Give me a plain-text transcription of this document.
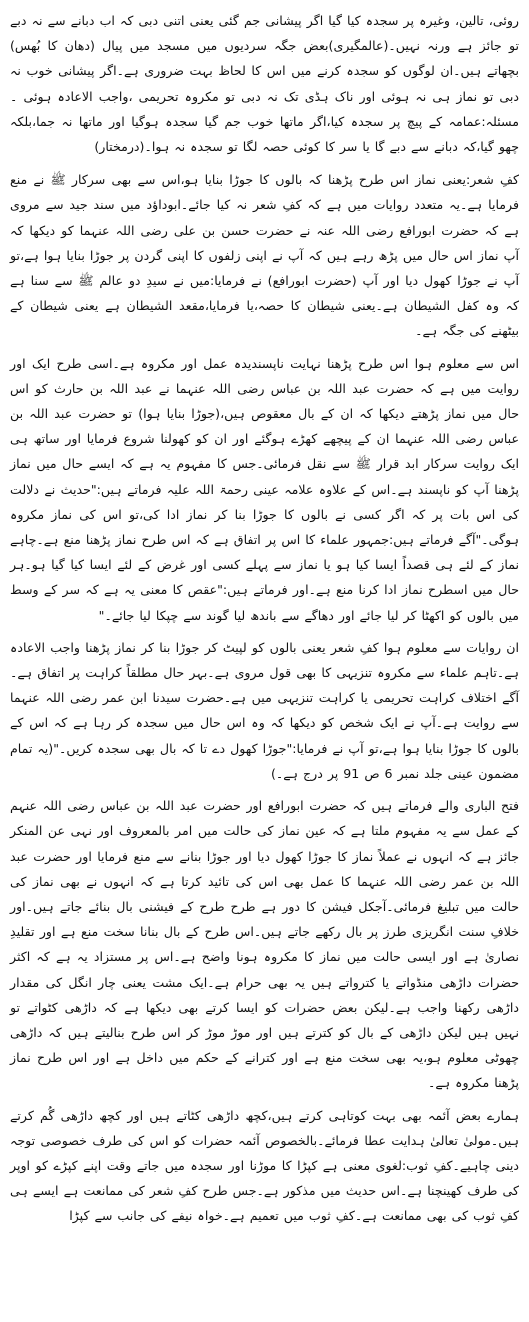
روئی، تالین، وغیرہ پر سجدہ کیا گیا اگر پیشانی جم گئی یعنی اتنی دبی کہ اب دبانے سے نہ دبے تو جائز ہے ورنہ نہیں۔(عالمگیری)بعض جگہ سردیوں میں مسجد میں پیال (دھان کا بُھس) بچھاتے ہیں۔ان لوگوں کو سجدہ کرنے میں اس کا لحاظ بہت ضروری ہے۔اگر پیشانی خوب نہ دبی تو نماز ہی نہ ہوئی اور ناک ہڈی تک نہ دبی تو مکروہ تحریمی ،واجب الاعادہ ہوئی ۔مسئلہ:عمامہ کے پیچ پر سجدہ کیا،اگر ماتھا خوب جم گیا سجدہ ہوگیا اور ماتھا نہ جما،بلکہ چھو گیا،کہ دبانے سے دبے گا یا سر کا کوئی حصہ لگا تو سجدہ نہ ہوا۔(درمختار)

کفِ شعر:یعنی نماز اس طرح پڑھنا کہ بالوں کا جوڑا بنایا ہو،اس سے بھی سرکار ﷺ نے منع فرمایا ہے۔یہ متعدد روایات میں ہے کہ کفِ شعر نہ کیا جائے۔ابوداؤد میں سند جید سے مروی ہے کہ حضرت ابورافع رضی اللہ عنہ نے حضرت حسن بن علی رضی اللہ عنہما کو دیکھا کہ آپ نماز اس حال میں پڑھ رہے ہیں کہ آپ نے اپنی زلفوں کا اپنی گردن پر جوڑا بنایا ہوا ہے،تو آپ نے جوڑا کھول دیا اور آپ (حضرت ابورافع) نے فرمایا:میں نے سیدِ دو عالم ﷺ سے سنا ہے کہ وہ کفل الشیطان ہے۔یعنی شیطان کا حصہ،یا فرمایا،مقعد الشیطان ہے یعنی شیطان کے بیٹھنے کی جگہ ہے۔

اس سے معلوم ہوا اس طرح پڑھنا نہایت ناپسندیدہ عمل اور مکروہ ہے۔اسی طرح ایک اور روایت میں ہے کہ حضرت عبد اللہ بن عباس رضی اللہ عنہما نے عبد اللہ بن حارث کو اس حال میں نماز پڑھتے دیکھا کہ ان کے بال معقوص ہیں،(جوڑا بنایا ہوا) تو حضرت عبد اللہ بن عباس رضی اللہ عنہما ان کے پیچھے کھڑے ہوگئے اور ان کو کھولنا شروع فرمایا اور ساتھ ہی ایک روایت سرکار ابد قرار ﷺ سے نقل فرمائی۔جس کا مفہوم یہ ہے کہ ایسے حال میں نماز پڑھنا آپ کو ناپسند ہے۔اس کے علاوہ علامہ عینی رحمۃ اللہ علیہ فرماتے ہیں:"حدیث نے دلالت کی اس بات پر کہ اگر کسی نے بالوں کا جوڑا بنا کر نماز ادا کی،تو اس کی نماز مکروہ ہوگی۔"آگے فرماتے ہیں:جمہور علماء کا اس پر اتفاق ہے کہ اس طرح نماز پڑھنا منع ہے۔چاہے نماز کے لئے ہی قصداً ایسا کیا ہو یا نماز سے پہلے کسی اور غرض کے لئے ایسا کیا گیا ہو۔ہر حال میں اسطرح نماز ادا کرنا منع ہے۔اور فرماتے ہیں:"عقص کا معنی یہ ہے کہ سر کے وسط میں بالوں کو اکھٹا کر لیا جائے اور دھاگے سے باندھ لیا گوند سے چپکا لیا جائے۔"

ان روایات سے معلوم ہوا کفِ شعر یعنی بالوں کو لپیٹ کر جوڑا بنا کر نماز پڑھنا واجب الاعادہ ہے۔تاہم علماء سے مکروہ تنزیہی کا بھی قول مروی ہے۔بہر حال مطلقاً کراہت پر اتفاق ہے۔آگے اختلاف کراہت تحریمی یا کراہت تنزیہی میں ہے۔حضرت سیدنا ابن عمر رضی اللہ عنہما سے روایت ہے۔آپ نے ایک شخص کو دیکھا کہ وہ اس حال میں سجدہ کر رہا ہے کہ اس کے بالوں کا جوڑا بنایا ہوا ہے،تو آپ نے فرمایا:"جوڑا کھول دے تا کہ بال بھی سجدہ کریں۔"(یہ تمام مضمون عینی جلد نمبر 6 ص 91 پر درج ہے۔)

فتح الباری والے فرماتے ہیں کہ حضرت ابورافع اور حضرت عبد اللہ بن عباس رضی اللہ عنہم کے عمل سے یہ مفہوم ملتا ہے کہ عین نماز کی حالت میں امر بالمعروف اور نہی عن المنکر جائز ہے کہ انہوں نے عملاً نماز کا جوڑا کھول دیا اور جوڑا بنانے سے منع فرمایا اور حضرت عبد اللہ بن عمر رضی اللہ عنہما کا عمل بھی اس کی تائید کرتا ہے کہ انہوں نے بھی نماز کی حالت میں تبلیغ فرمائی۔آجکل فیشن کا دور ہے طرح طرح کے فیشنی بال بنائے جاتے ہیں۔اور خلافِ سنت انگریزی طرز پر بال رکھے جاتے ہیں۔اس طرح کے بال بنانا سخت منع ہے اور تقلیدِ نصاریٰ ہے اور ایسی حالت میں نماز کا مکروہ ہونا واضح ہے۔اس پر مستزاد یہ ہے کہ اکثر حضرات داڑھی منڈواتے یا کترواتے ہیں یہ بھی حرام ہے۔ایک مشت یعنی چار انگل کی مقدار داڑھی رکھنا واجب ہے۔لیکن بعض حضرات کو ایسا کرتے بھی دیکھا ہے کہ داڑھی کٹواتے تو نہیں ہیں لیکن داڑھی کے بال کو کترتے ہیں اور موڑ موڑ کر اس طرح بنالیتے ہیں کہ داڑھی چھوٹی معلوم ہو،یہ بھی سخت منع ہے اور کترانے کے حکم میں داخل ہے اور اس طرح نماز پڑھنا مکروہ ہے۔

ہمارے بعض آئمہ بھی بہت کوتاہی کرتے ہیں،کچھ داڑھی کٹاتے ہیں اور کچھ داڑھی گُم کرتے ہیں۔مولیٰ تعالیٰ ہدایت عطا فرمائے۔بالخصوص آئمہ حضرات کو اس کی طرف خصوصی توجہ دینی چاہیے۔کفِ ثوب:لغوی معنی ہے کپڑا کا موڑنا اور سجدہ میں جاتے وقت اپنے کپڑے کو اوپر کی طرف کھینچنا ہے۔اس حدیث میں مذکور ہے۔جس طرح کفِ شعر کی ممانعت ہے ایسے ہی کفِ ثوب کی بھی ممانعت ہے۔کفِ ثوب میں تعمیم ہے۔خواہ نیفے کی جانب سے کپڑا
